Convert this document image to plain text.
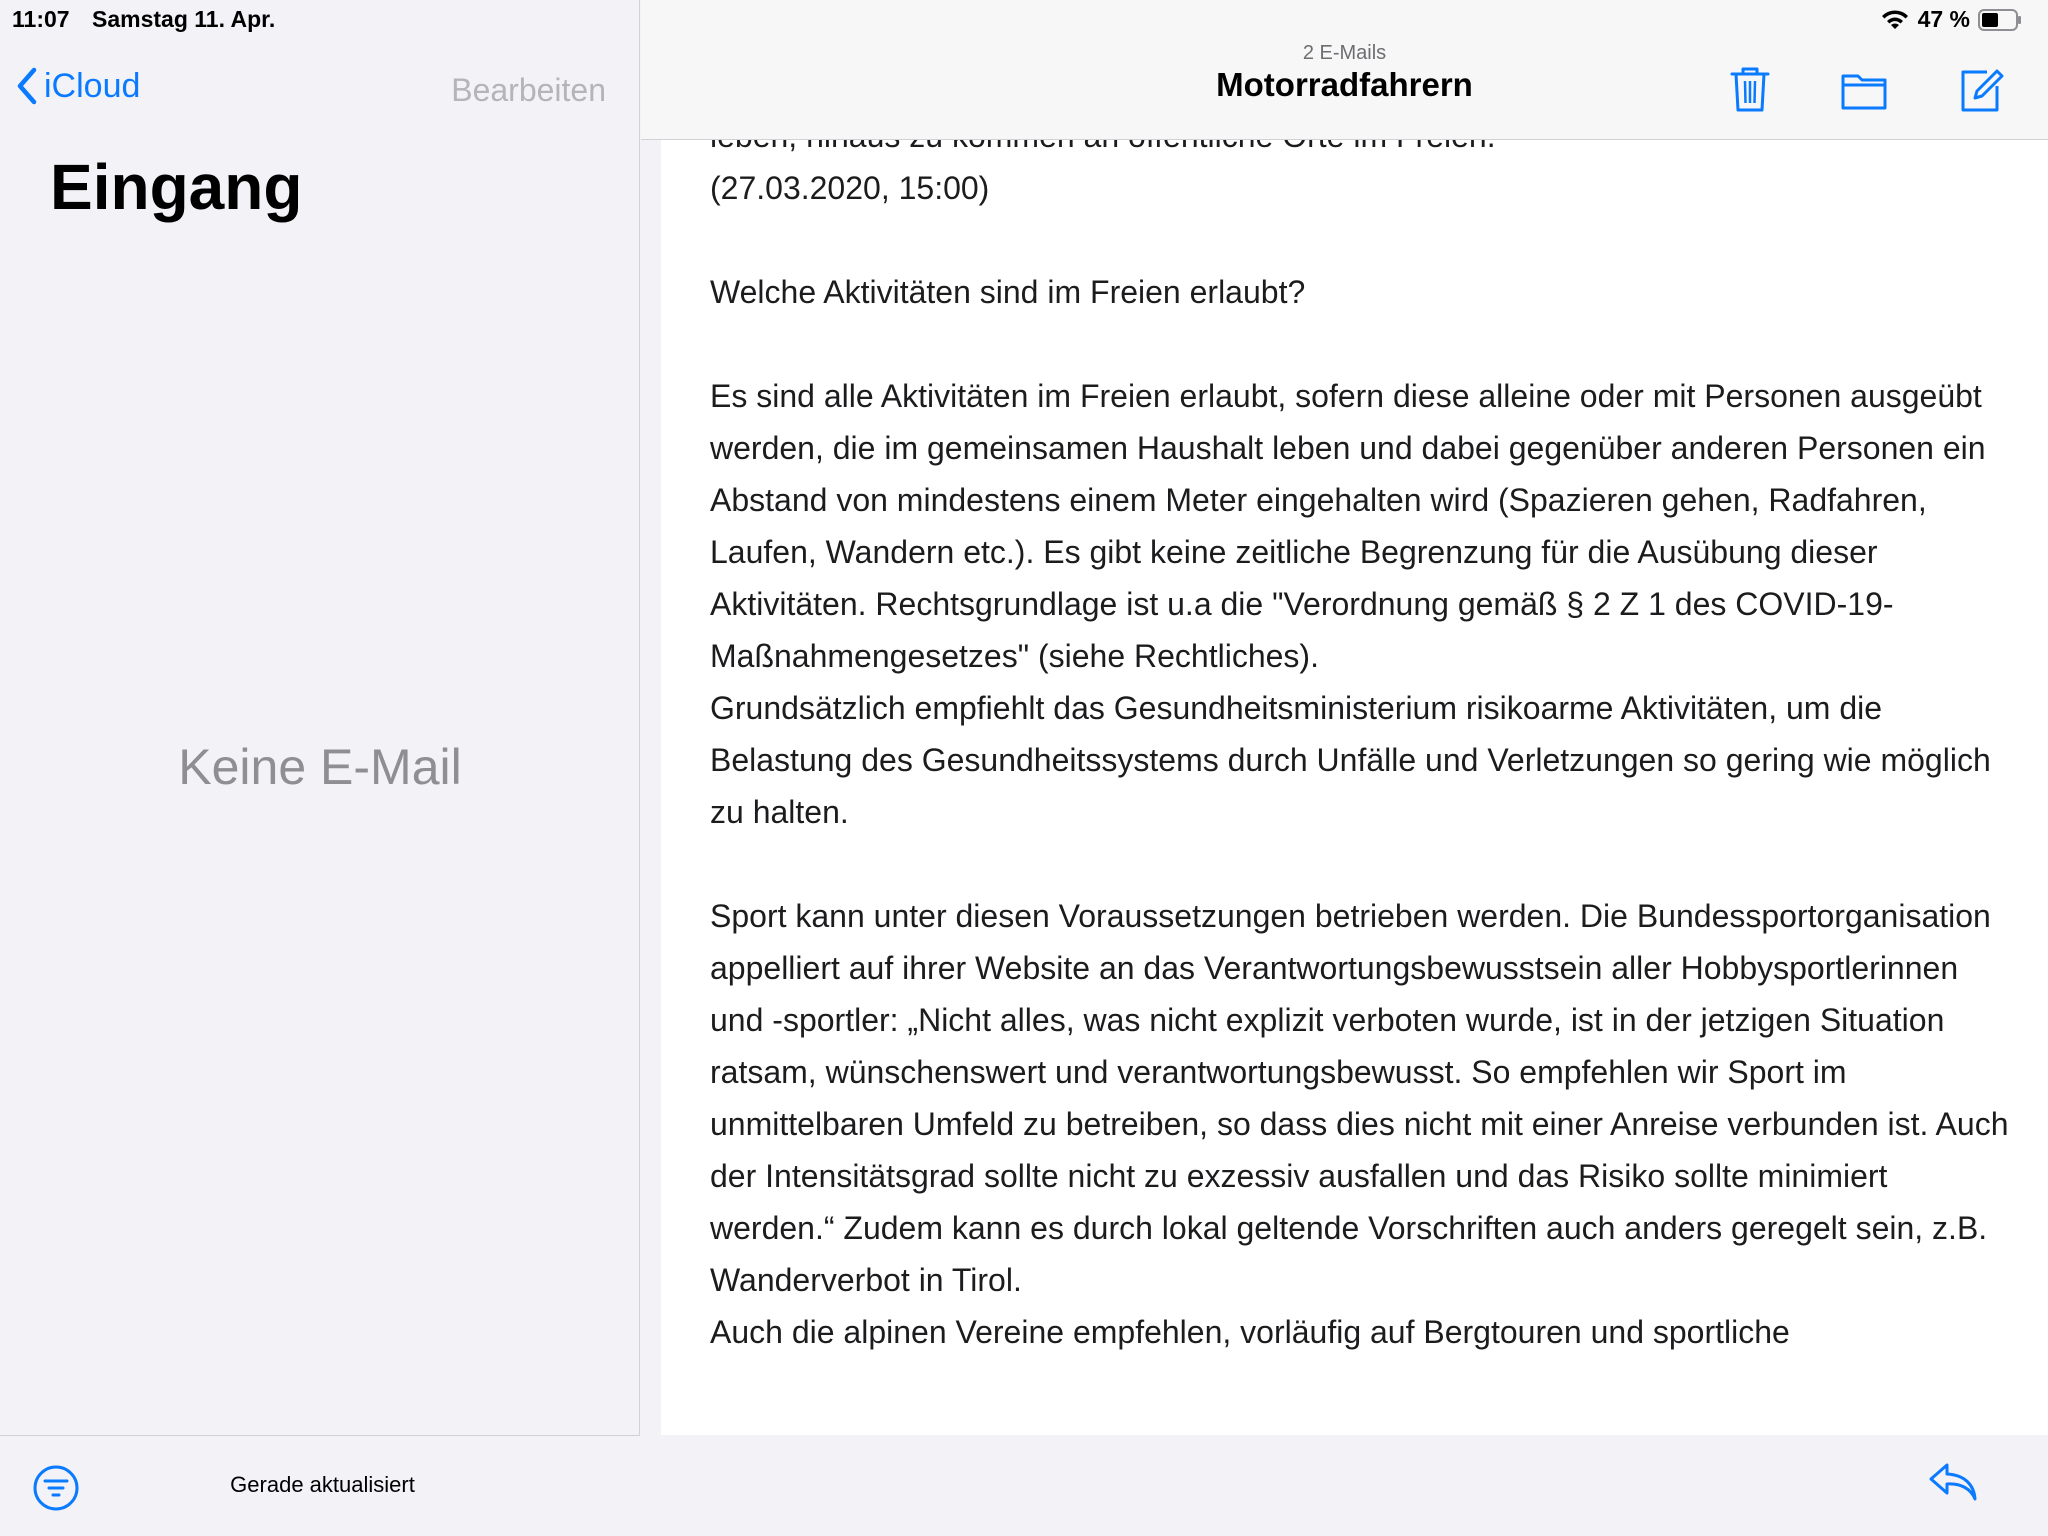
11:07 Samstag 11. Apr.	47 %
iCloud	Bearbeiten
Eingang
Keine E-Mail
Gerade aktualisiert
2 E-Mails
Motorradfahrern

(27.03.2020, 15:00)

Welche Aktivitäten sind im Freien erlaubt?

Es sind alle Aktivitäten im Freien erlaubt, sofern diese alleine oder mit Personen ausgeübt werden, die im gemeinsamen Haushalt leben und dabei gegenüber anderen Personen ein Abstand von mindestens einem Meter eingehalten wird (Spazieren gehen, Radfahren, Laufen, Wandern etc.). Es gibt keine zeitliche Begrenzung für die Ausübung dieser Aktivitäten. Rechtsgrundlage ist u.a die "Verordnung gemäß § 2 Z 1 des COVID-19-Maßnahmengesetzes" (siehe Rechtliches).

Grundsätzlich empfiehlt das Gesundheitsministerium risikoarme Aktivitäten, um die Belastung des Gesundheitssystems durch Unfälle und Verletzungen so gering wie möglich zu halten.

Sport kann unter diesen Voraussetzungen betrieben werden. Die Bundessportorganisation appelliert auf ihrer Website an das Verantwortungsbewusstsein aller Hobbysportlerinnen und -sportler: „Nicht alles, was nicht explizit verboten wurde, ist in der jetzigen Situation ratsam, wünschenswert und verantwortungsbewusst. So empfehlen wir Sport im unmittelbaren Umfeld zu betreiben, so dass dies nicht mit einer Anreise verbunden ist. Auch der Intensitätsgrad sollte nicht zu exzessiv ausfallen und das Risiko sollte minimiert werden.“ Zudem kann es durch lokal geltende Vorschriften auch anders geregelt sein, z.B. Wanderverbot in Tirol.

Auch die alpinen Vereine empfehlen, vorläufig auf Bergtouren und sportliche
